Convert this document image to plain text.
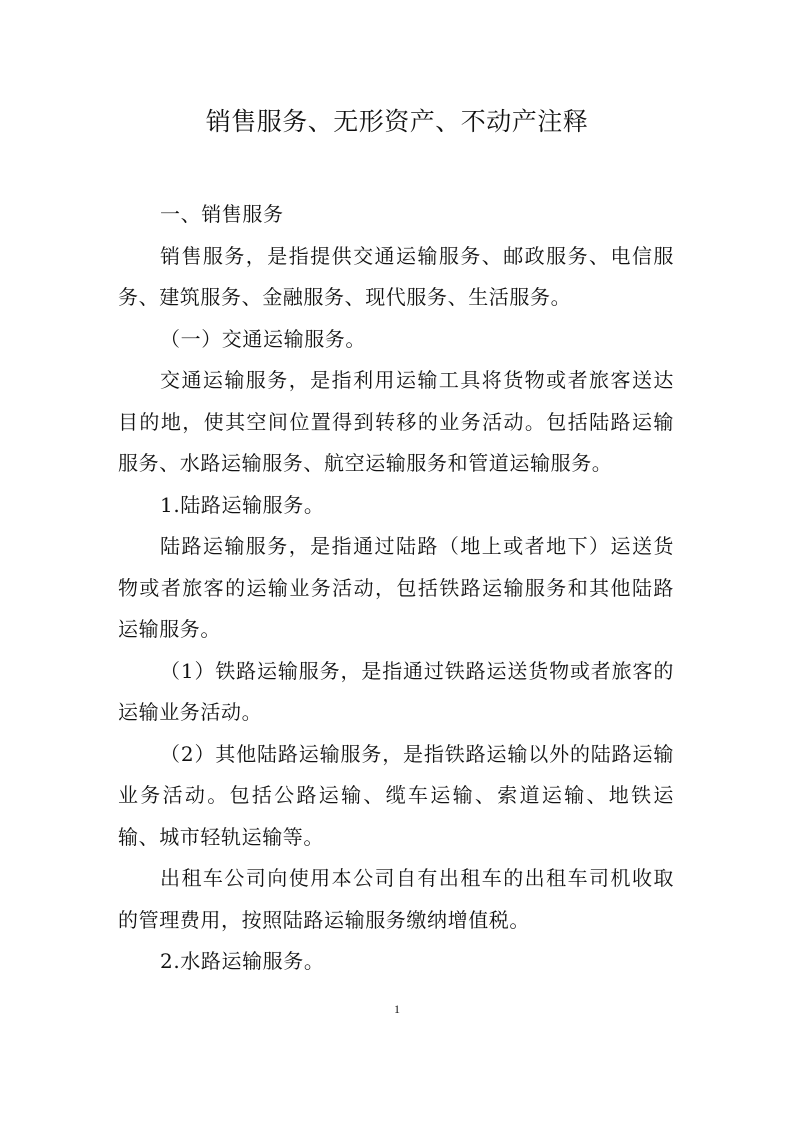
销售服务、无形资产、不动产注释

一、销售服务

销售服务，是指提供交通运输服务、邮政服务、电信服务、建筑服务、金融服务、现代服务、生活服务。

（一）交通运输服务。

交通运输服务，是指利用运输工具将货物或者旅客送达目的地，使其空间位置得到转移的业务活动。包括陆路运输服务、水路运输服务、航空运输服务和管道运输服务。

1.陆路运输服务。

陆路运输服务，是指通过陆路（地上或者地下）运送货物或者旅客的运输业务活动，包括铁路运输服务和其他陆路运输服务。

（1）铁路运输服务，是指通过铁路运送货物或者旅客的运输业务活动。

（2）其他陆路运输服务，是指铁路运输以外的陆路运输业务活动。包括公路运输、缆车运输、索道运输、地铁运输、城市轻轨运输等。

出租车公司向使用本公司自有出租车的出租车司机收取的管理费用，按照陆路运输服务缴纳增值税。

2.水路运输服务。

1
